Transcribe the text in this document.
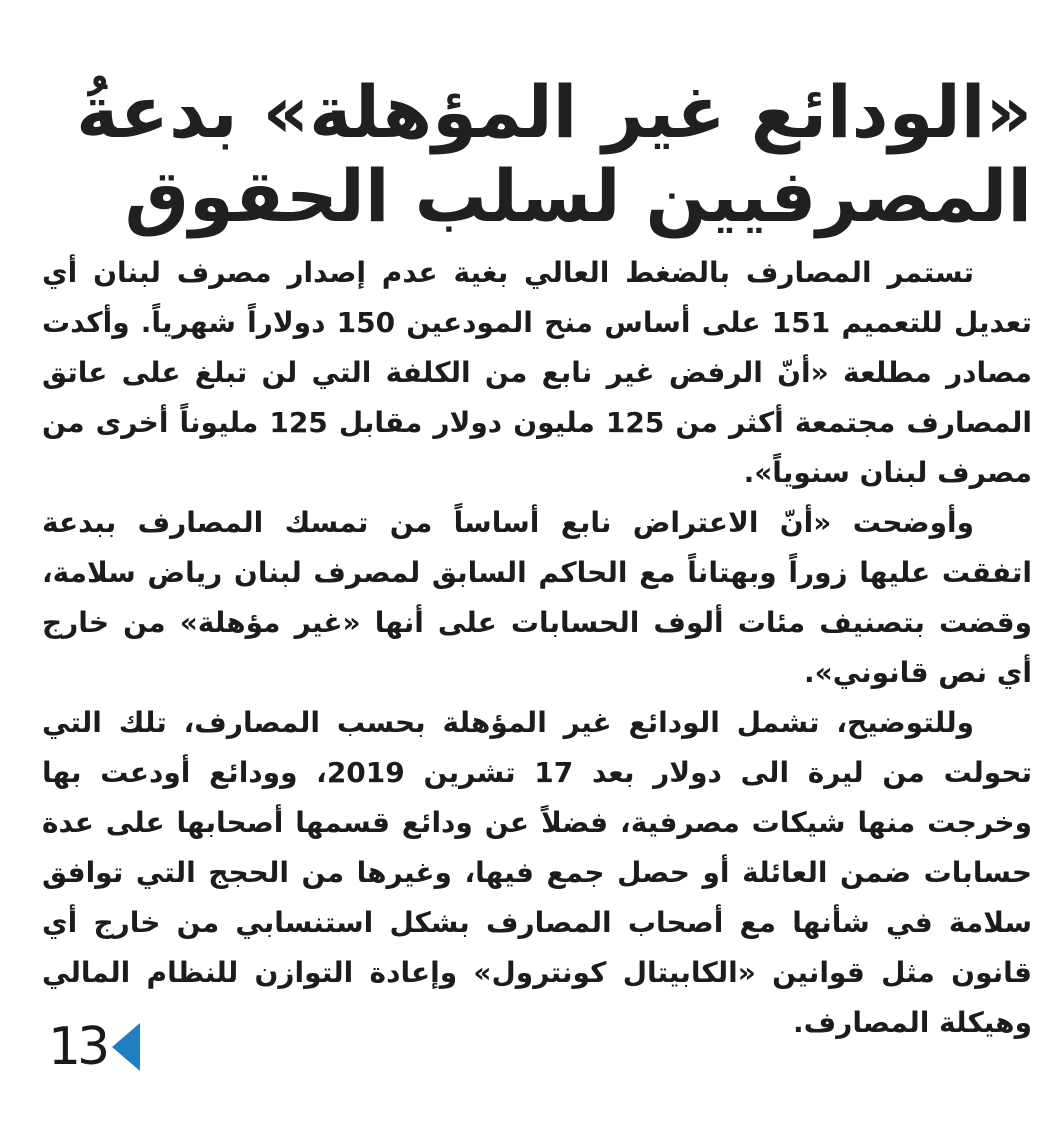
«الودائع غير المؤهلة» بدعةُ المصرفيين لسلب الحقوق

تستمر المصارف بالضغط العالي بغية عدم إصدار مصرف لبنان أي تعديل للتعميم 151 على أساس منح المودعين 150 دولاراً شهرياً. وأكدت مصادر مطلعة «أنّ الرفض غير نابع من الكلفة التي لن تبلغ على عاتق المصارف مجتمعة أكثر من 125 مليون دولار مقابل 125 مليوناً أخرى من مصرف لبنان سنوياً».

وأوضحت «أنّ الاعتراض نابع أساساً من تمسك المصارف ببدعة اتفقت عليها زوراً وبهتاناً مع الحاكم السابق لمصرف لبنان رياض سلامة، وقضت بتصنيف مئات ألوف الحسابات على أنها «غير مؤهلة» من خارج أي نص قانوني».

وللتوضيح، تشمل الودائع غير المؤهلة بحسب المصارف، تلك التي تحولت من ليرة الى دولار بعد 17 تشرين 2019، وودائع أودعت بها وخرجت منها شيكات مصرفية، فضلاً عن ودائع قسمها أصحابها على عدة حسابات ضمن العائلة أو حصل جمع فيها، وغيرها من الحجج التي توافق سلامة في شأنها مع أصحاب المصارف بشكل استنسابي من خارج أي قانون مثل قوانين «الكابيتال كونترول» وإعادة التوازن للنظام المالي وهيكلة المصارف.

13
